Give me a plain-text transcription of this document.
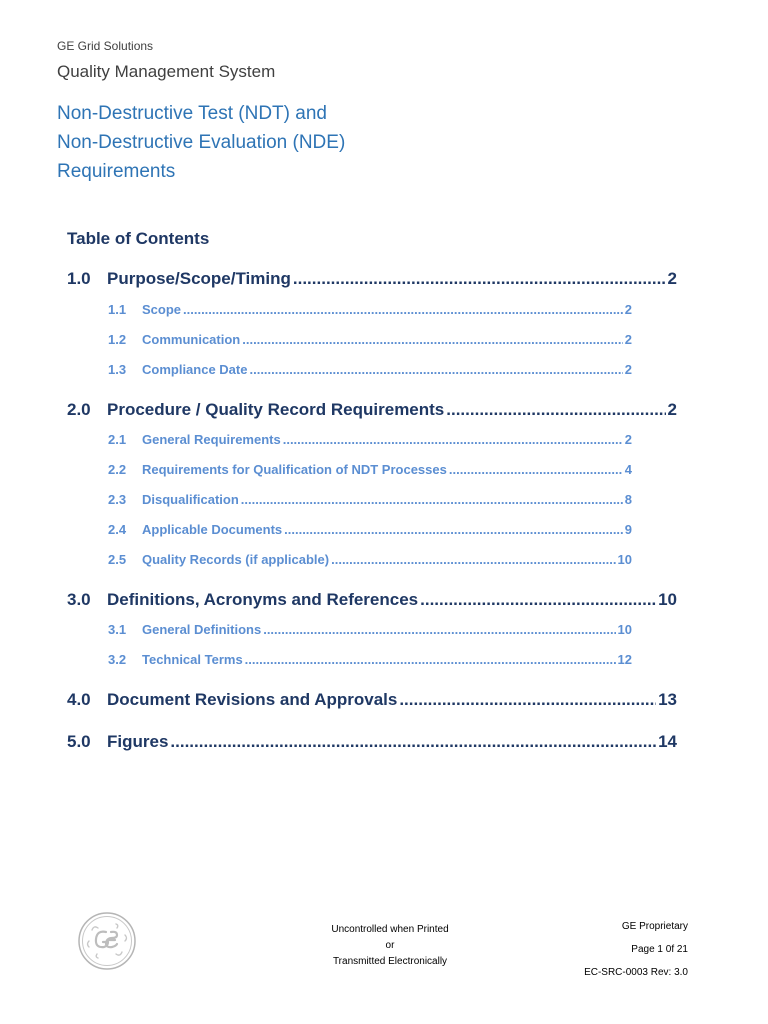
GE Grid Solutions
Quality Management System
Non-Destructive Test (NDT) and
Non-Destructive Evaluation (NDE)
Requirements
Table of Contents
1.0 Purpose/Scope/Timing .....	2
1.1	Scope .....	2
1.2	Communication .....	2
1.3	Compliance Date .....	2
2.0 Procedure / Quality Record Requirements .....	2
2.1	General Requirements .....	2
2.2	Requirements for Qualification of NDT Processes .....	4
2.3	Disqualification .....	8
2.4	Applicable Documents .....	9
2.5	Quality Records (if applicable) .....	10
3.0 Definitions, Acronyms and References .....	10
3.1	General Definitions .....	10
3.2	Technical Terms .....	12
4.0 Document Revisions and Approvals .....	13
5.0 Figures .....	14
Uncontrolled when Printed
or
Transmitted Electronically
GE Proprietary
Page 1 0f 21
EC-SRC-0003 Rev: 3.0
